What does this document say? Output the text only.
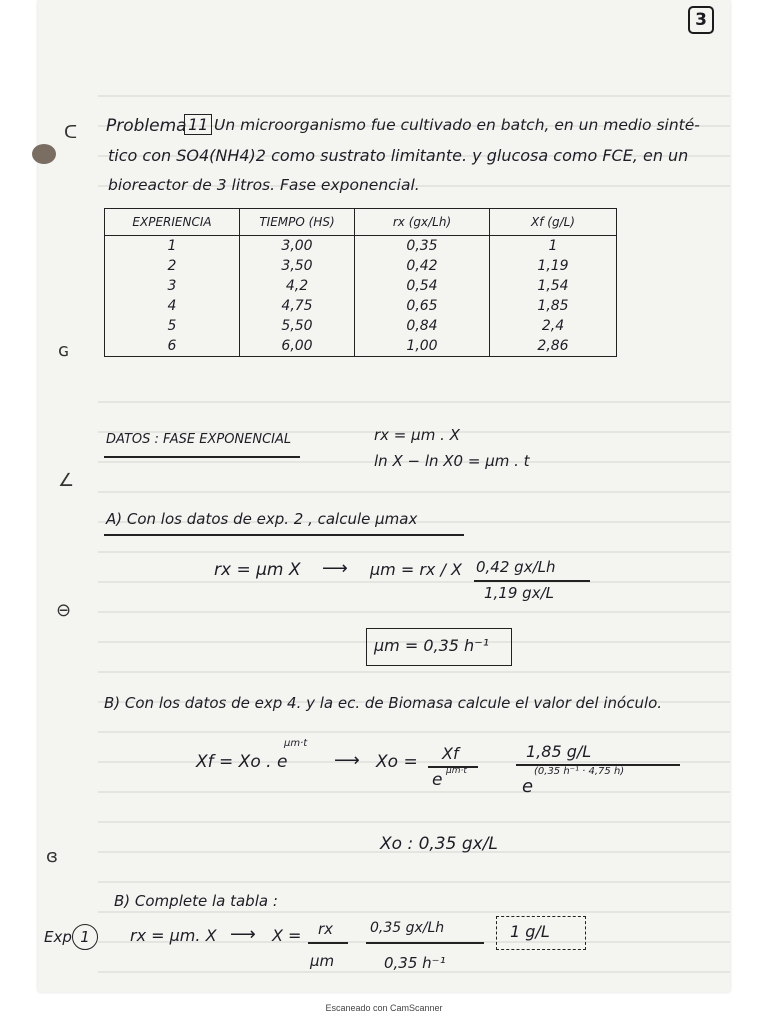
ᑕ
ɢ
∠
⊖
ɞ
3
Problema 11 Un microorganismo fue cultivado en batch, en un medio sinté-
tico con SO4(NH4)2 como sustrato limitante. y glucosa como FCE, en un
bioreactor de 3 litros. Fase exponencial.
EXPERIENCIA	TIEMPO (HS)	rx (gx/Lh)	Xf (g/L)
1	3,00	0,35	1
2	3,50	0,42	1,19
3	4,2	0,54	1,54
4	4,75	0,65	1,85
5	5,50	0,84	2,4
6	6,00	1,00	2,86
DATOS : FASE EXPONENCIAL	rx = μm . X
ln X − ln X0 = μm . t
A) Con los datos de exp. 2 , calcule μmax
rx = μm X ⟶ μm = rx / X 0,42 gx/Lh
1,19 gx/L
μm = 0,35 h⁻¹
B) Con los datos de exp 4. y la ec. de Biomasa calcule el valor del inóculo.
Xf = Xo . e
μm·t
⟶ Xo = Xf
e μm·t
1,85 g/L
e
(0,35 h⁻¹ · 4,75 h)
Xo : 0,35 gx/L
B) Complete la tabla :
Exp 1	rx = μm. X ⟶ X = rx
μm
0,35 gx/Lh
0,35 h⁻¹
1 g/L
Escaneado con CamScanner
